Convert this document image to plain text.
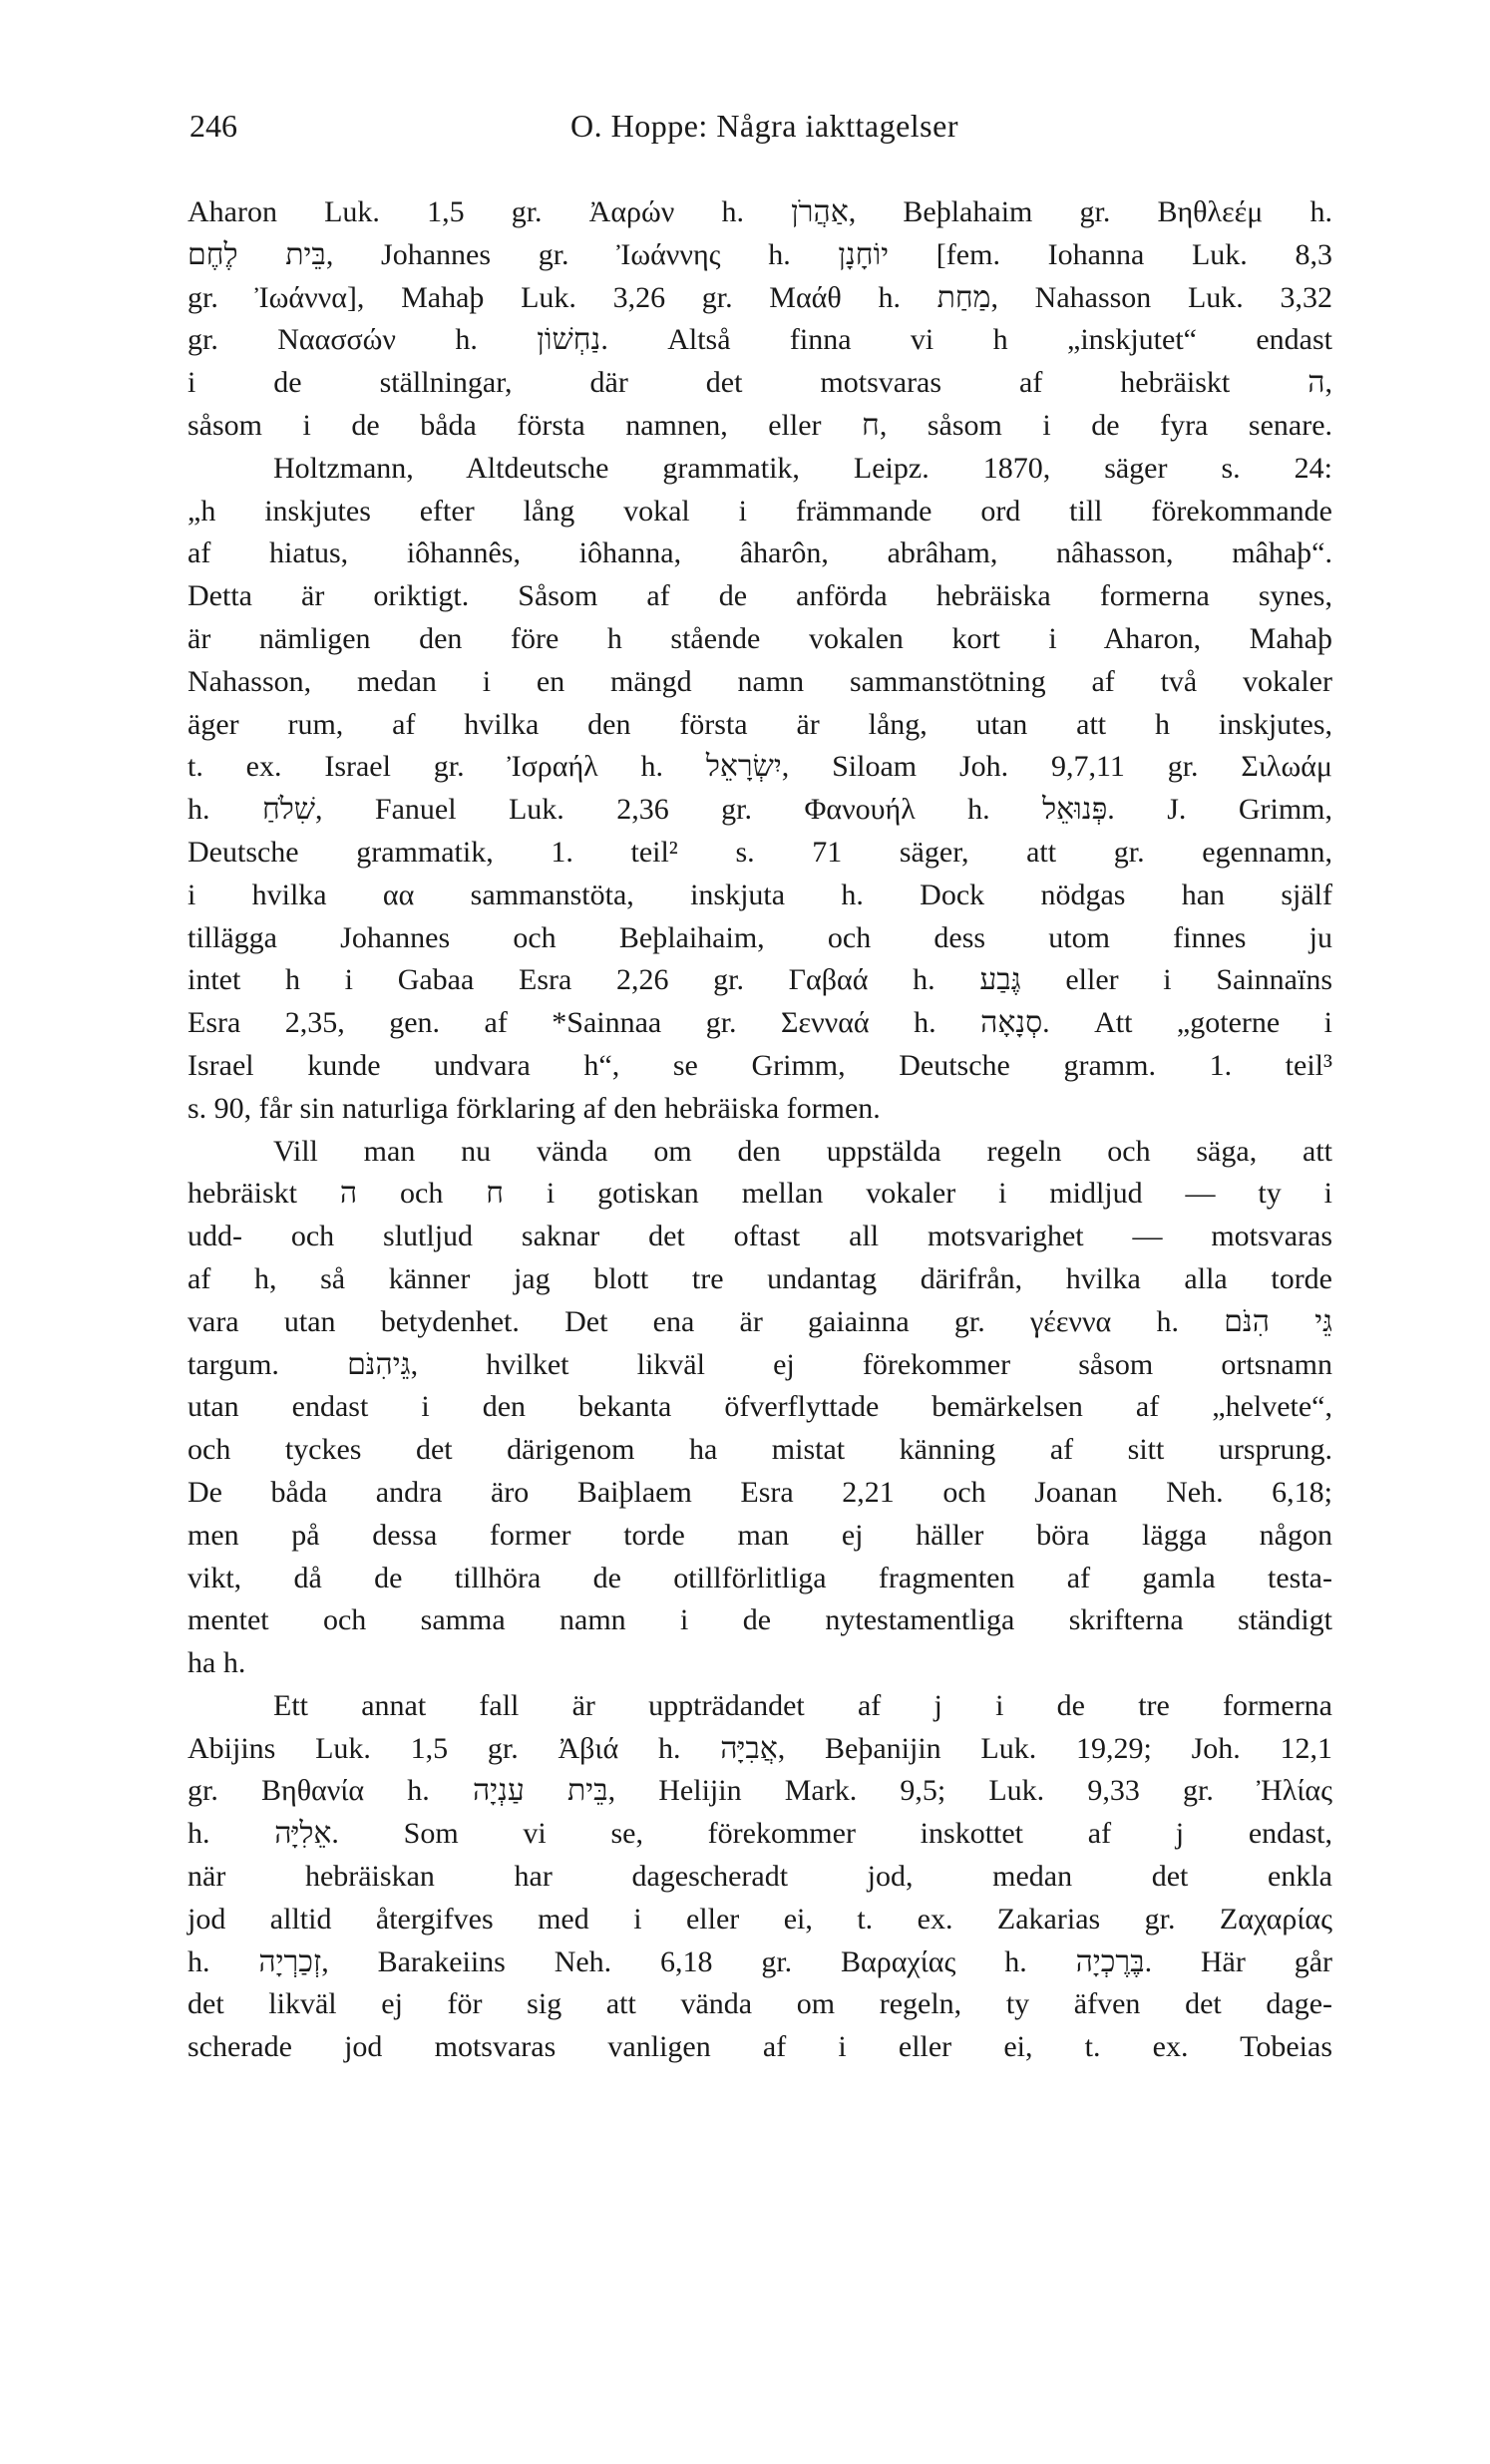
246	O. Hoppe: Några iakttagelser
Aharon Luk. 1,5 gr. Ἀαρών h. אַהֲרֹן, Beþlahaim gr. Βηθλεέμ h.
בֵּית לֶחֶם, Johannes gr. Ἰωάννης h. יוֹחָנָן [fem. Iohanna Luk. 8,3
gr. Ἰωάννα], Mahaþ Luk. 3,26 gr. Μαάθ h. מַחַת, Nahasson Luk. 3,32
gr. Ναασσών h. נַחְשׁוֹן. Altså finna vi h „inskjutet“ endast
i de ställningar, där det motsvaras af hebräiskt ה,
såsom i de båda första namnen, eller ח, såsom i de fyra senare.
Holtzmann, Altdeutsche grammatik, Leipz. 1870, säger s. 24:
„h inskjutes efter lång vokal i främmande ord till förekommande
af hiatus, iôhannês, iôhanna, âharôn, abrâham, nâhasson, mâhaþ“.
Detta är oriktigt. Såsom af de anförda hebräiska formerna synes,
är nämligen den före h stående vokalen kort i Aharon, Mahaþ
Nahasson, medan i en mängd namn sammanstötning af två vokaler
äger rum, af hvilka den första är lång, utan att h inskjutes,
t. ex. Israel gr. Ἰσραήλ h. יִשְׂרָאֵל, Siloam Joh. 9,7,11 gr. Σιλωάμ
h. שִׁלֹחַ, Fanuel Luk. 2,36 gr. Φανουήλ h. פְּנוּאֵל. J. Grimm,
Deutsche grammatik, 1. teil² s. 71 säger, att gr. egennamn,
i hvilka αα sammanstöta, inskjuta h. Dock nödgas han själf
tillägga Johannes och Beþlaihaim, och dess utom finnes ju
intet h i Gabaa Esra 2,26 gr. Γαβαά h. גֶּבַע eller i Sainnaïns
Esra 2,35, gen. af *Sainnaa gr. Σενναά h. סְנָאָה. Att „goterne i
Israel kunde undvara h“, se Grimm, Deutsche gramm. 1. teil³
s. 90, får sin naturliga förklaring af den hebräiska formen.
Vill man nu vända om den uppstälda regeln och säga, att
hebräiskt ה och ח i gotiskan mellan vokaler i midljud — ty i
udd- och slutljud saknar det oftast all motsvarighet — motsvaras
af h, så känner jag blott tre undantag därifrån, hvilka alla torde
vara utan betydenhet. Det ena är gaiainna gr. γέεννα h. גֵּי הִנֹּם
targum. גֵּיהִנֹּם, hvilket likväl ej förekommer såsom ortsnamn
utan endast i den bekanta öfverflyttade bemärkelsen af „helvete“,
och tyckes det därigenom ha mistat känning af sitt ursprung.
De båda andra äro Baiþlaem Esra 2,21 och Joanan Neh. 6,18;
men på dessa former torde man ej häller böra lägga någon
vikt, då de tillhöra de otillförlitliga fragmenten af gamla testa-
mentet och samma namn i de nytestamentliga skrifterna ständigt
ha h.
Ett annat fall är uppträdandet af j i de tre formerna
Abijins Luk. 1,5 gr. Ἀβιά h. אֲבִיָּה, Beþanijin Luk. 19,29; Joh. 12,1
gr. Βηθανία h. בֵּית עַנְיָה, Helijin Mark. 9,5; Luk. 9,33 gr. Ἠλίας
h. אֵלִיָּה. Som vi se, förekommer inskottet af j endast,
när hebräiskan har dagescheradt jod, medan det enkla
jod alltid återgifves med i eller ei, t. ex. Zakarias gr. Ζαχαρίας
h. זְכַרְיָה, Barakeiins Neh. 6,18 gr. Βαραχίας h. בֶּרֶכְיָה. Här går
det likväl ej för sig att vända om regeln, ty äfven det dage-
scherade jod motsvaras vanligen af i eller ei, t. ex. Tobeias
